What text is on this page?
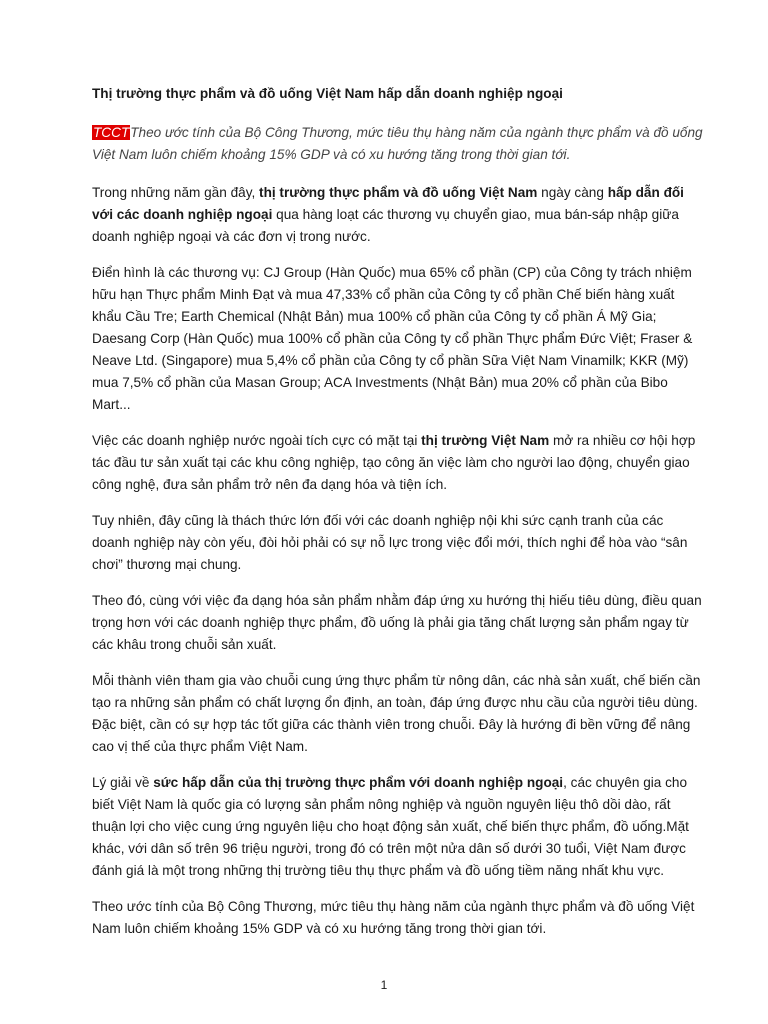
Thị trường thực phẩm và đồ uống Việt Nam hấp dẫn doanh nghiệp ngoại

TCCTTheo ước tính của Bộ Công Thương, mức tiêu thụ hàng năm của ngành thực phẩm và đồ uống Việt Nam luôn chiếm khoảng 15% GDP và có xu hướng tăng trong thời gian tới.

Trong những năm gần đây, thị trường thực phẩm và đồ uống Việt Nam ngày càng hấp dẫn đối với các doanh nghiệp ngoại qua hàng loạt các thương vụ chuyển giao, mua bán-sáp nhập giữa doanh nghiệp ngoại và các đơn vị trong nước.

Điển hình là các thương vụ: CJ Group (Hàn Quốc) mua 65% cổ phần (CP) của Công ty trách nhiệm hữu hạn Thực phẩm Minh Đạt và mua 47,33% cổ phần của Công ty cổ phần Chế biến hàng xuất khẩu Cầu Tre; Earth Chemical (Nhật Bản) mua 100% cổ phần của Công ty cổ phần Á Mỹ Gia; Daesang Corp (Hàn Quốc) mua 100% cổ phần của Công ty cổ phần Thực phẩm Đức Việt; Fraser & Neave Ltd. (Singapore) mua 5,4% cổ phần của Công ty cổ phần Sữa Việt Nam Vinamilk; KKR (Mỹ) mua 7,5% cổ phần của Masan Group; ACA Investments (Nhật Bản) mua 20% cổ phần của Bibo Mart...

Việc các doanh nghiệp nước ngoài tích cực có mặt tại thị trường Việt Nam mở ra nhiều cơ hội hợp tác đầu tư sản xuất tại các khu công nghiệp, tạo công ăn việc làm cho người lao động, chuyển giao công nghệ, đưa sản phẩm trở nên đa dạng hóa và tiện ích.

Tuy nhiên, đây cũng là thách thức lớn đối với các doanh nghiệp nội khi sức cạnh tranh của các doanh nghiệp này còn yếu, đòi hỏi phải có sự nỗ lực trong việc đổi mới, thích nghi để hòa vào “sân chơi” thương mại chung.

Theo đó, cùng với việc đa dạng hóa sản phẩm nhằm đáp ứng xu hướng thị hiếu tiêu dùng, điều quan trọng hơn với các doanh nghiệp thực phẩm, đồ uống là phải gia tăng chất lượng sản phẩm ngay từ các khâu trong chuỗi sản xuất.

Mỗi thành viên tham gia vào chuỗi cung ứng thực phẩm từ nông dân, các nhà sản xuất, chế biến cần tạo ra những sản phẩm có chất lượng ổn định, an toàn, đáp ứng được nhu cầu của người tiêu dùng. Đặc biệt, cần có sự hợp tác tốt giữa các thành viên trong chuỗi. Đây là hướng đi bền vững để nâng cao vị thế của thực phẩm Việt Nam.

Lý giải về sức hấp dẫn của thị trường thực phẩm với doanh nghiệp ngoại, các chuyên gia cho biết Việt Nam là quốc gia có lượng sản phẩm nông nghiệp và nguồn nguyên liệu thô dồi dào, rất thuận lợi cho việc cung ứng nguyên liệu cho hoạt động sản xuất, chế biến thực phẩm, đồ uống.Mặt khác, với dân số trên 96 triệu người, trong đó có trên một nửa dân số dưới 30 tuổi, Việt Nam được đánh giá là một trong những thị trường tiêu thụ thực phẩm và đồ uống tiềm năng nhất khu vực.

Theo ước tính của Bộ Công Thương, mức tiêu thụ hàng năm của ngành thực phẩm và đồ uống Việt Nam luôn chiếm khoảng 15% GDP và có xu hướng tăng trong thời gian tới.

1
